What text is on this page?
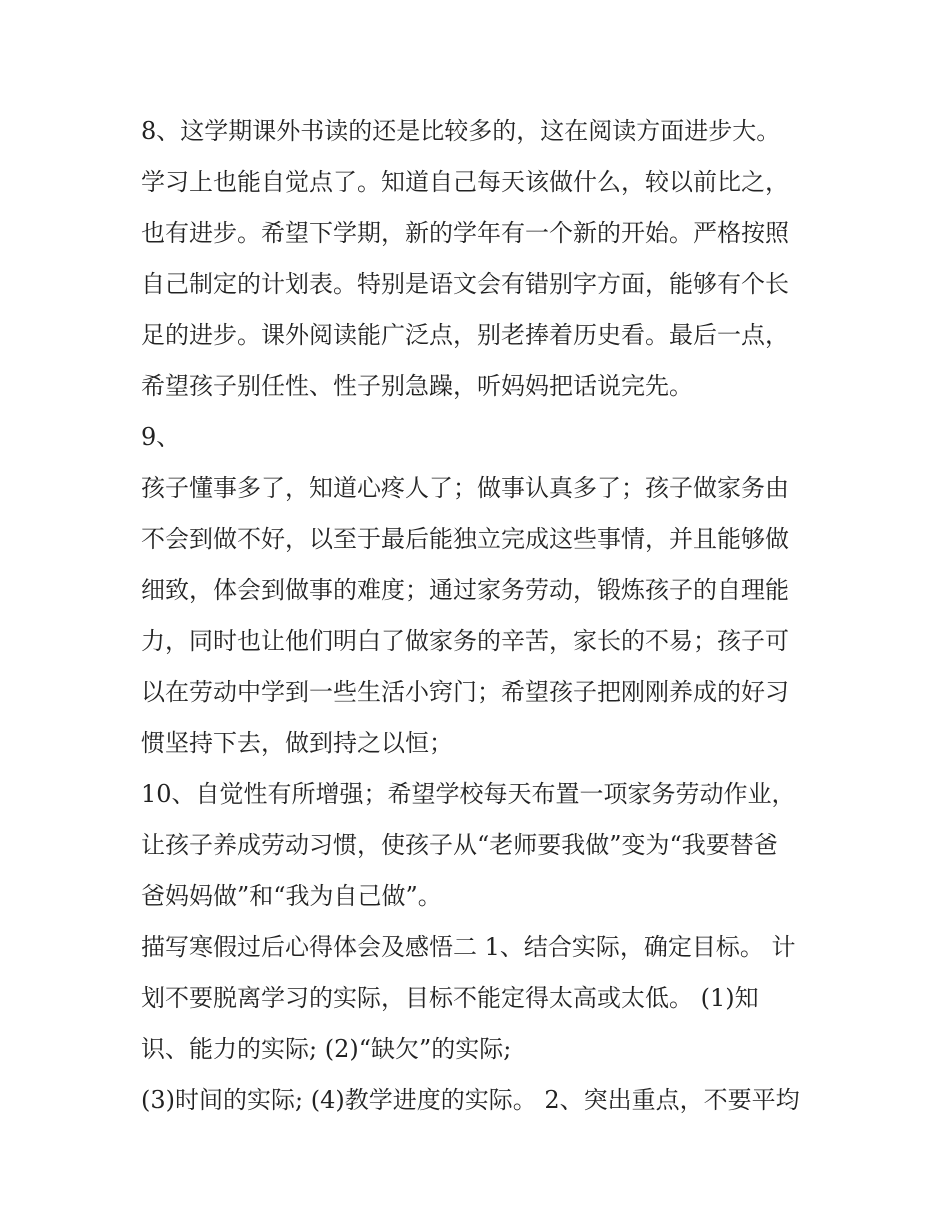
8、这学期课外书读的还是比较多的，这在阅读方面进步大。
学习上也能自觉点了。知道自己每天该做什么，较以前比之，
也有进步。希望下学期，新的学年有一个新的开始。严格按照
自己制定的计划表。特别是语文会有错别字方面，能够有个长
足的进步。课外阅读能广泛点，别老捧着历史看。最后一点，
希望孩子别任性、性子别急躁，听妈妈把话说完先。
9、
孩子懂事多了，知道心疼人了；做事认真多了；孩子做家务由
不会到做不好，以至于最后能独立完成这些事情，并且能够做
细致，体会到做事的难度；通过家务劳动，锻炼孩子的自理能
力，同时也让他们明白了做家务的辛苦，家长的不易；孩子可
以在劳动中学到一些生活小窍门；希望孩子把刚刚养成的好习
惯坚持下去，做到持之以恒；
10、自觉性有所增强；希望学校每天布置一项家务劳动作业，
让孩子养成劳动习惯，使孩子从“老师要我做”变为“我要替爸
爸妈妈做”和“我为自己做”。
描写寒假过后心得体会及感悟二 1、结合实际，确定目标。 计
划不要脱离学习的实际，目标不能定得太高或太低。 (1)知
识、能力的实际; (2)“缺欠”的实际;
(3)时间的实际; (4)教学进度的实际。 2、突出重点，不要平均
